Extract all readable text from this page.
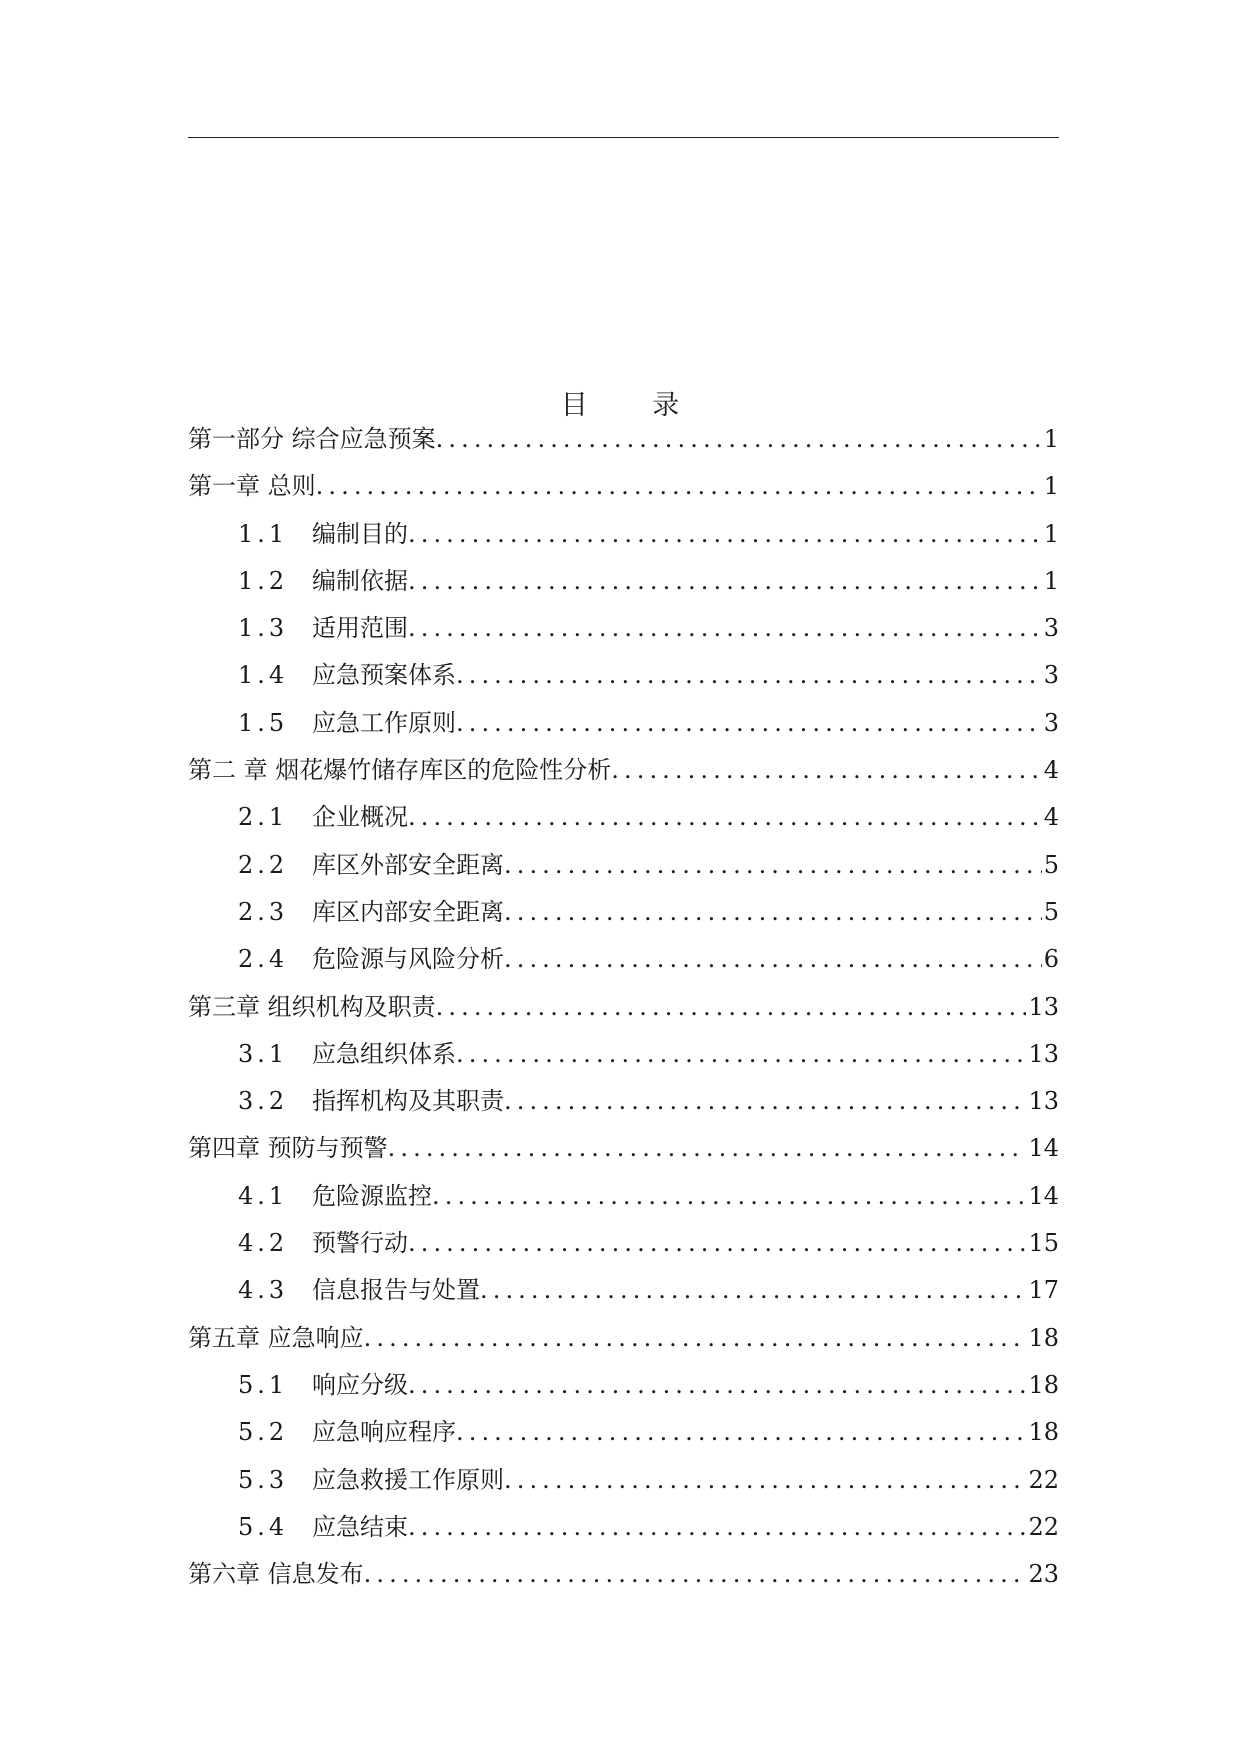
目 录
第一部分 综合应急预案 .....	1
第一章 总则 .....	1
1.1 编制目的 .....	1
1.2 编制依据 .....	1
1.3 适用范围 .....	3
1.4 应急预案体系 .....	3
1.5 应急工作原则 .....	3
第二 章 烟花爆竹储存库区的危险性分析 .....	4
2.1 企业概况 .....	4
2.2 库区外部安全距离 .....	5
2.3 库区内部安全距离 .....	5
2.4 危险源与风险分析 .....	6
第三章 组织机构及职责 .....	13
3.1 应急组织体系 .....	13
3.2 指挥机构及其职责 .....	13
第四章 预防与预警 .....	14
4.1 危险源监控 .....	14
4.2 预警行动 .....	15
4.3 信息报告与处置 .....	17
第五章 应急响应 .....	18
5.1 响应分级 .....	18
5.2 应急响应程序 .....	18
5.3 应急救援工作原则 .....	22
5.4 应急结束 .....	22
第六章 信息发布 .....	23
